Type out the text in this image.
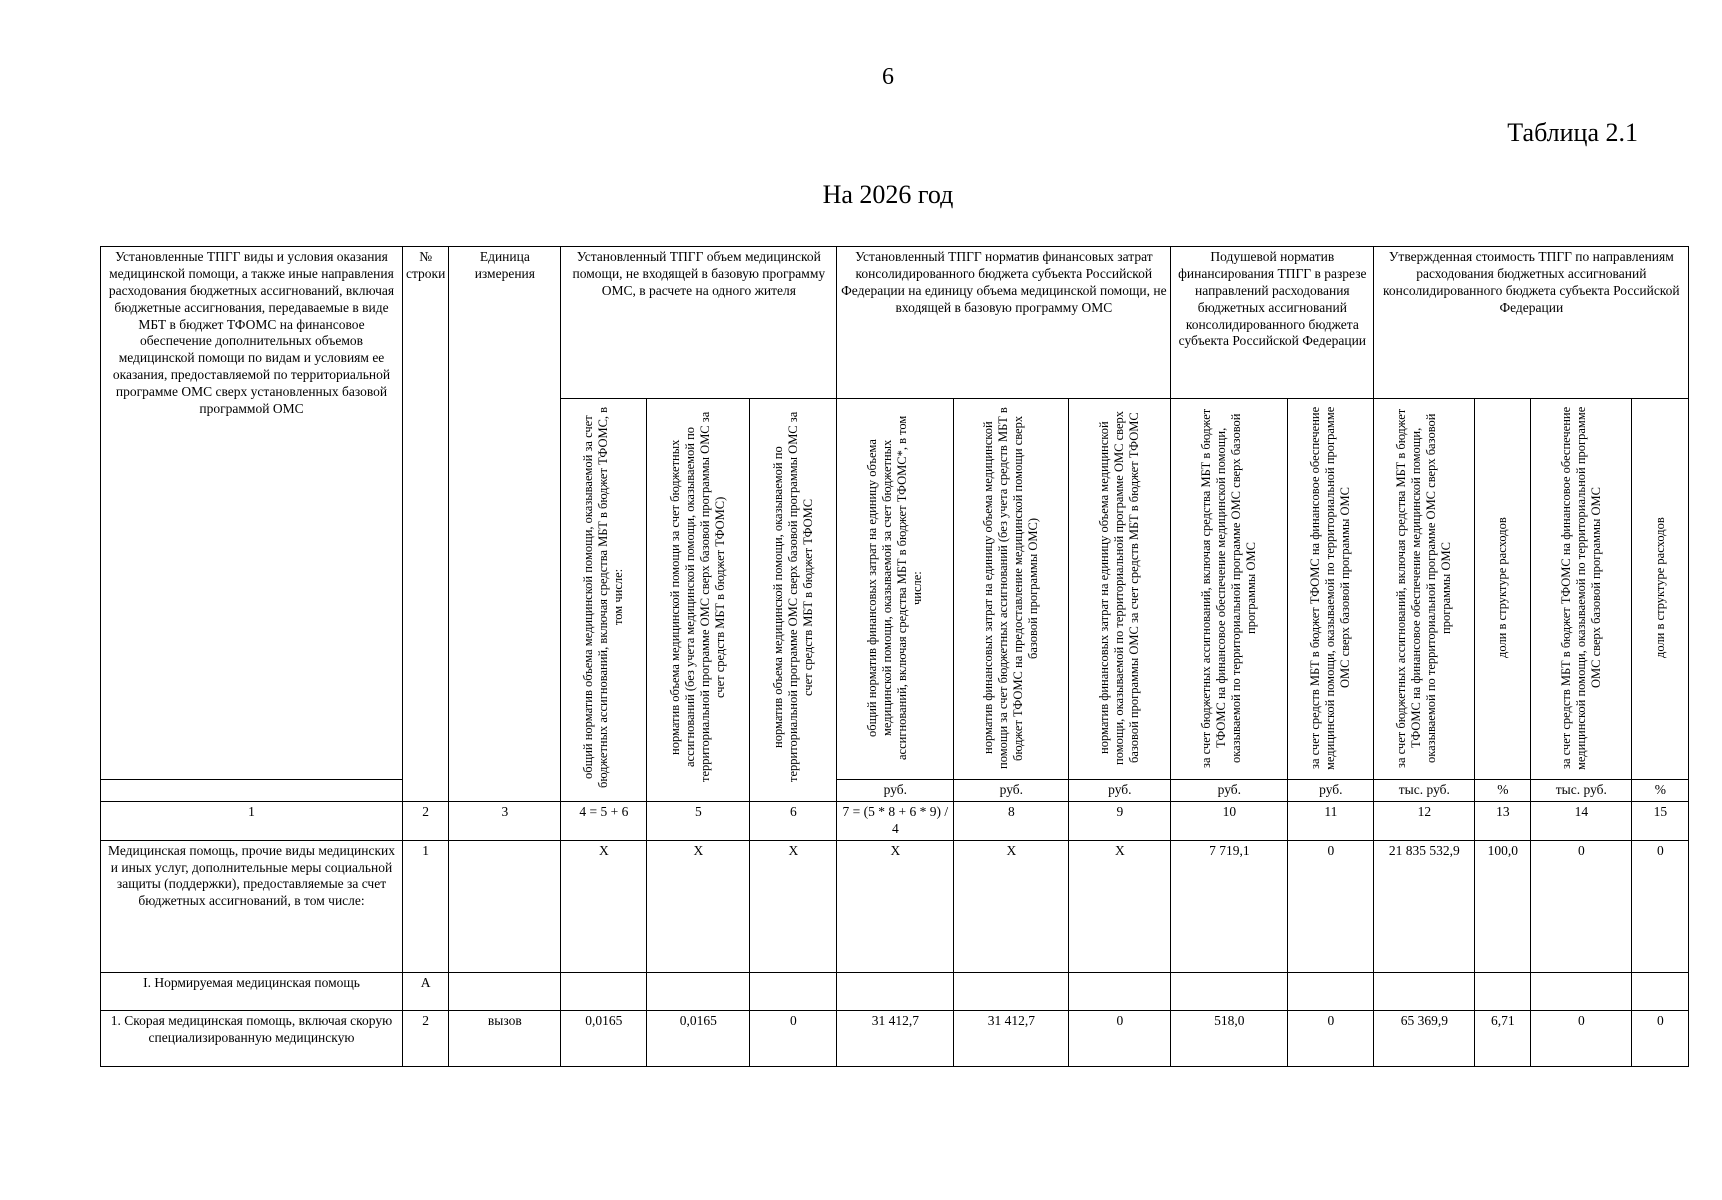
6
Таблица 2.1
На 2026 год
Установленные ТПГГ виды и условия оказания медицинской помощи, а также иные направления расходования бюджетных ассигнований, включая бюджетные ассигнования, передаваемые в виде МБТ в бюджет ТФОМС на финансовое обеспечение дополнительных объемов медицинской помощи по видам и условиям ее оказания, предоставляемой по территориальной программе ОМС сверх установленных базовой программой ОМС	№ строки	Единица измерения	Установленный ТПГГ объем медицинской помощи, не входящей в базовую программу ОМС, в расчете на одного жителя			Установленный ТПГГ норматив финансовых затрат консолидированного бюджета субъекта Российской Федерации на единицу объема медицинской помощи, не входящей в базовую программу ОМС			Подушевой норматив финансирования ТПГГ в разрезе направлений расходования бюджетных ассигнований консолидированного бюджета субъекта Российской Федерации		Утвержденная стоимость ТПГГ по направлениям расходования бюджетных ассигнований консолидированного бюджета субъекта Российской Федерации			

			общий норматив объема медицинской помощи, оказываемой за счет бюджетных ассигнований, включая средства МБТ в бюджет ТФОМС, в том числе:	норматив объема медицинской помощи за счет бюджетных ассигнований (без учета медицинской помощи, оказываемой по территориальной программе ОМС сверх базовой программы ОМС за счет средств МБТ в бюджет ТФОМС)	норматив объема медицинской помощи, оказываемой по территориальной программе ОМС сверх базовой программы ОМС за счет средств МБТ в бюджет ТФОМС	общий норматив финансовых затрат на единицу объема медицинской помощи, оказываемой за счет бюджетных ассигнований, включая средства МБТ в бюджет ТФОМС*, в том числе:	норматив финансовых затрат на единицу объема медицинской помощи за счет бюджетных ассигнований (без учета средств МБТ в бюджет ТФОМС на предоставление медицинской помощи сверх базовой программы ОМС)	норматив финансовых затрат на единицу объема медицинской помощи, оказываемой по территориальной программе ОМС сверх базовой программы ОМС за счет средств МБТ в бюджет ТФОМС	за счет бюджетных ассигнований, включая средства МБТ в бюджет ТФОМС на финансовое обеспечение медицинской помощи, оказываемой по территориальной программе ОМС сверх базовой программы ОМС	за счет средств МБТ в бюджет ТФОМС на финансовое обеспечение медицинской помощи, оказываемой по территориальной программе ОМС сверх базовой программы ОМС	за счет бюджетных ассигнований, включая средства МБТ в бюджет ТФОМС на финансовое обеспечение медицинской помощи, оказываемой по территориальной программе ОМС сверх базовой программы ОМС	доли в структуре расходов	за счет средств МБТ в бюджет ТФОМС на финансовое обеспечение медицинской помощи, оказываемой по территориальной программе ОМС сверх базовой программы ОМС	доли в структуре расходов

						руб.	руб.	руб.	руб.	руб.	тыс. руб.	%	тыс. руб.	%
1	2	3	4 = 5 + 6	5	6	7 = (5 * 8 + 6 * 9) / 4	8	9	10	11	12	13	14	15
Медицинская помощь, прочие виды медицинских и иных услуг, дополнительные меры социальной защиты (поддержки), предоставляемые за счет бюджетных ассигнований, в том числе:	1		X	X	X	X	X	X	7 719,1	0	21 835 532,9	100,0	0	0
I. Нормируемая медицинская помощь	А													
1. Скорая медицинская помощь, включая скорую специализированную медицинскую	2	вызов	0,0165	0,0165	0	31 412,7	31 412,7	0	518,0	0	65 369,9	6,71	0	0
